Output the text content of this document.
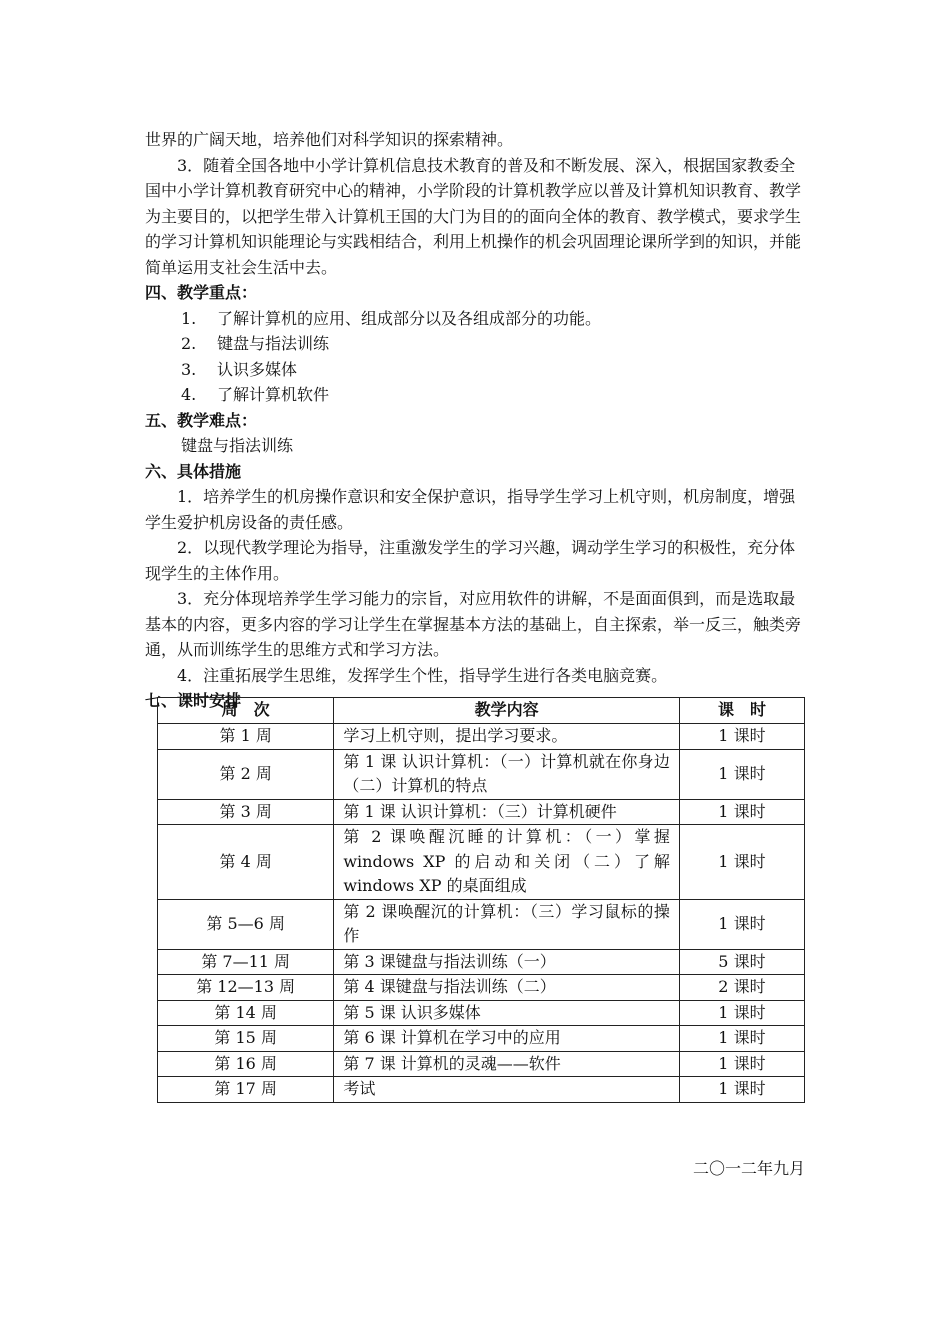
世界的广阔天地，培养他们对科学知识的探索精神。

3．随着全国各地中小学计算机信息技术教育的普及和不断发展、深入，根据国家教委全国中小学计算机教育研究中心的精神，小学阶段的计算机教学应以普及计算机知识教育、教学为主要目的，以把学生带入计算机王国的大门为目的的面向全体的教育、教学模式，要求学生的学习计算机知识能理论与实践相结合，利用上机操作的机会巩固理论课所学到的知识，并能简单运用支社会生活中去。

四、教学重点：
1.	了解计算机的应用、组成部分以及各组成部分的功能。
2.	键盘与指法训练
3.	认识多媒体
4.	了解计算机软件
五、教学难点：

键盘与指法训练

六、具体措施

1．培养学生的机房操作意识和安全保护意识，指导学生学习上机守则，机房制度，增强学生爱护机房设备的责任感。

2．以现代教学理论为指导，注重激发学生的学习兴趣，调动学生学习的积极性，充分体现学生的主体作用。

3．充分体现培养学生学习能力的宗旨，对应用软件的讲解，不是面面俱到，而是选取最基本的内容，更多内容的学习让学生在掌握基本方法的基础上，自主探索，举一反三，触类旁通，从而训练学生的思维方式和学习方法。

4．注重拓展学生思维，发挥学生个性，指导学生进行各类电脑竞赛。

七、课时安排
周　次	教学内容	课　时
第 1 周	学习上机守则，提出学习要求。	1 课时
第 2 周	第 1 课 认识计算机：（一）计算机就在你身边（二）计算机的特点	1 课时
第 3 周	第 1 课 认识计算机：（三）计算机硬件	1 课时
第 4 周	第 2 课唤醒沉睡的计算机：（一）掌握 windows XP 的启动和关闭（二）了解 windows XP 的桌面组成	1 课时
第 5—6 周	第 2 课唤醒沉的计算机：（三）学习鼠标的操作	1 课时
第 7—11 周	第 3 课键盘与指法训练（一）	5 课时
第 12—13 周	第 4 课键盘与指法训练（二）	2 课时
第 14 周	第 5 课 认识多媒体	1 课时
第 15 周	第 6 课 计算机在学习中的应用	1 课时
第 16 周	第 7 课 计算机的灵魂——软件	1 课时
第 17 周	考试	1 课时
二〇一二年九月
